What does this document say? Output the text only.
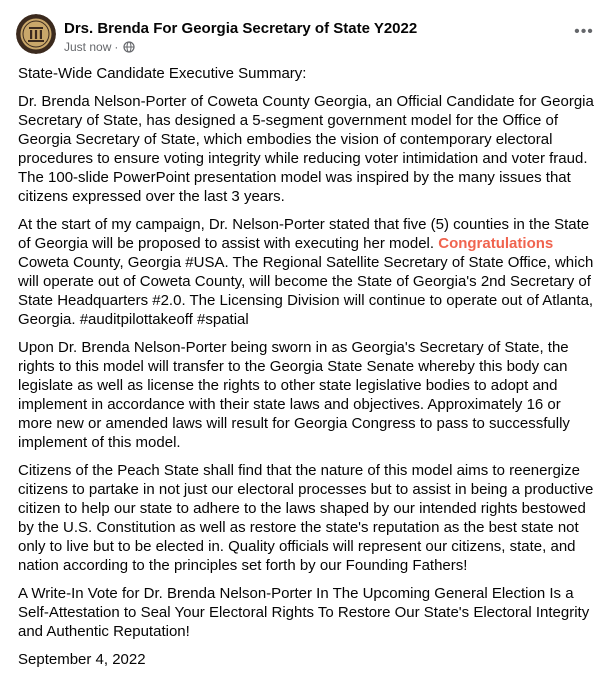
Drs. Brenda For Georgia Secretary of State Y2022
Just now ·
•••

State-Wide Candidate Executive Summary:

Dr. Brenda Nelson-Porter of Coweta County Georgia, an Official Candidate for Georgia Secretary of State, has designed a 5-segment government model for the Office of Georgia Secretary of State, which embodies the vision of contemporary electoral procedures to ensure voting integrity while reducing voter intimidation and voter fraud. The 100-slide PowerPoint presentation model was inspired by the many issues that citizens expressed over the last 3 years.

At the start of my campaign, Dr. Nelson-Porter stated that five (5) counties in the State of Georgia will be proposed to assist with executing her model. Congratulations Coweta County, Georgia #USA. The Regional Satellite Secretary of State Office, which will operate out of Coweta County, will become the State of Georgia's 2nd Secretary of State Headquarters #2.0. The Licensing Division will continue to operate out of Atlanta, Georgia. #auditpilottakeoff #spatial

Upon Dr. Brenda Nelson-Porter being sworn in as Georgia's Secretary of State, the rights to this model will transfer to the Georgia State Senate whereby this body can legislate as well as license the rights to other state legislative bodies to adopt and implement in accordance with their state laws and objectives. Approximately 16 or more new or amended laws will result for Georgia Congress to pass to successfully implement of this model.

Citizens of the Peach State shall find that the nature of this model aims to reenergize citizens to partake in not just our electoral processes but to assist in being a productive citizen to help our state to adhere to the laws shaped by our intended rights bestowed by the U.S. Constitution as well as restore the state's reputation as the best state not only to live but to be elected in. Quality officials will represent our citizens, state, and nation according to the principles set forth by our Founding Fathers!

A Write-In Vote for Dr. Brenda Nelson-Porter In The Upcoming General Election Is a Self-Attestation to Seal Your Electoral Rights To Restore Our State's Electoral Integrity and Authentic Reputation!

September 4, 2022
